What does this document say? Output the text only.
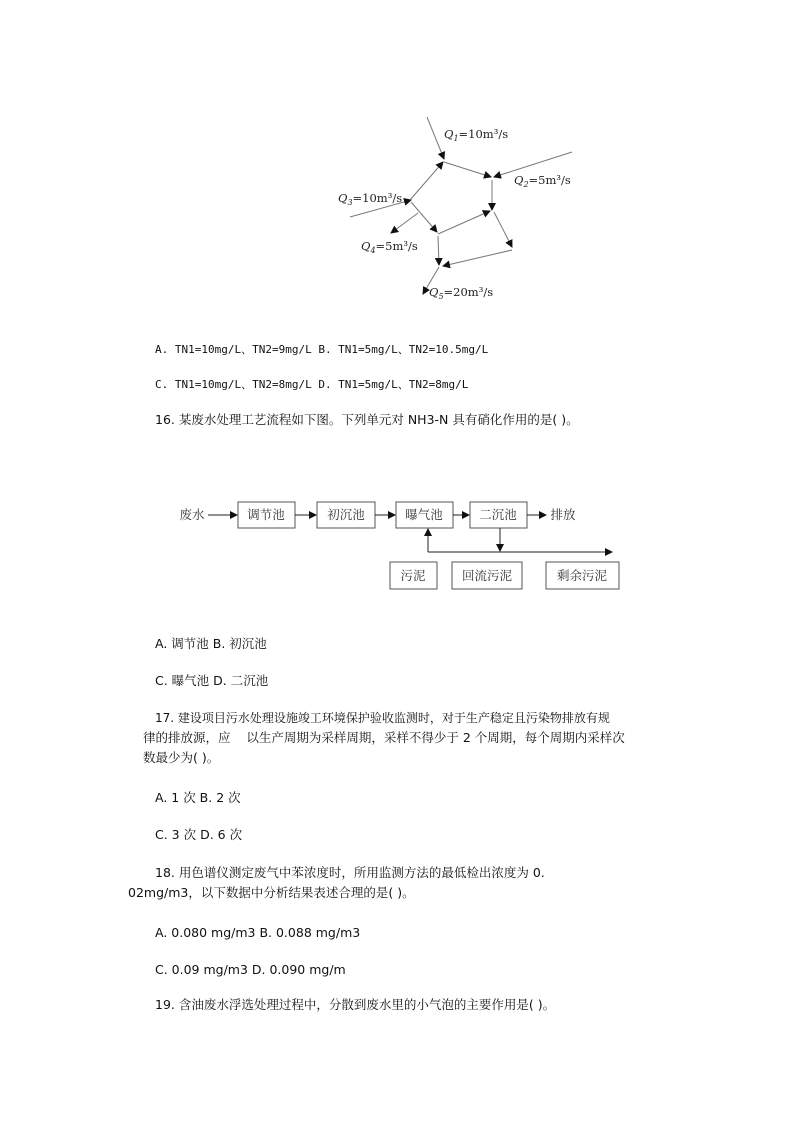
$Q_1=10m^3/s$
$Q_2=5m^3/s$
$Q_3=10m^3/s$
$Q_4=5m^3/s$
$Q_5=20m^3/s$
A. TN1=10mg/L、TN2=9mg/L B. TN1=5mg/L、TN2=10.5mg/L
C. TN1=10mg/L、TN2=8mg/L D. TN1=5mg/L、TN2=8mg/L
16. 某废水处理工艺流程如下图。下列单元对 NH3-N 具有硝化作用的是( )。
废水	调节池	初沉池	曝气池	二沉池	排放
污泥	回流污泥	剩余污泥
A. 调节池 B. 初沉池
C. 曝气池 D. 二沉池
17. 建设项目污水处理设施竣工环境保护验收监测时，对于生产稳定且污染物排放有规
律的排放源，应    以生产周期为采样周期，采样不得少于 2 个周期，每个周期内采样次
数最少为( )。
A. 1 次 B. 2 次
C. 3 次 D. 6 次
18. 用色谱仪测定废气中苯浓度时，所用监测方法的最低检出浓度为 0.
02mg/m3，以下数据中分析结果表述合理的是( )。
A. 0.080 mg/m3 B. 0.088 mg/m3
C. 0.09 mg/m3 D. 0.090 mg/m
19. 含油废水浮选处理过程中，分散到废水里的小气泡的主要作用是( )。
